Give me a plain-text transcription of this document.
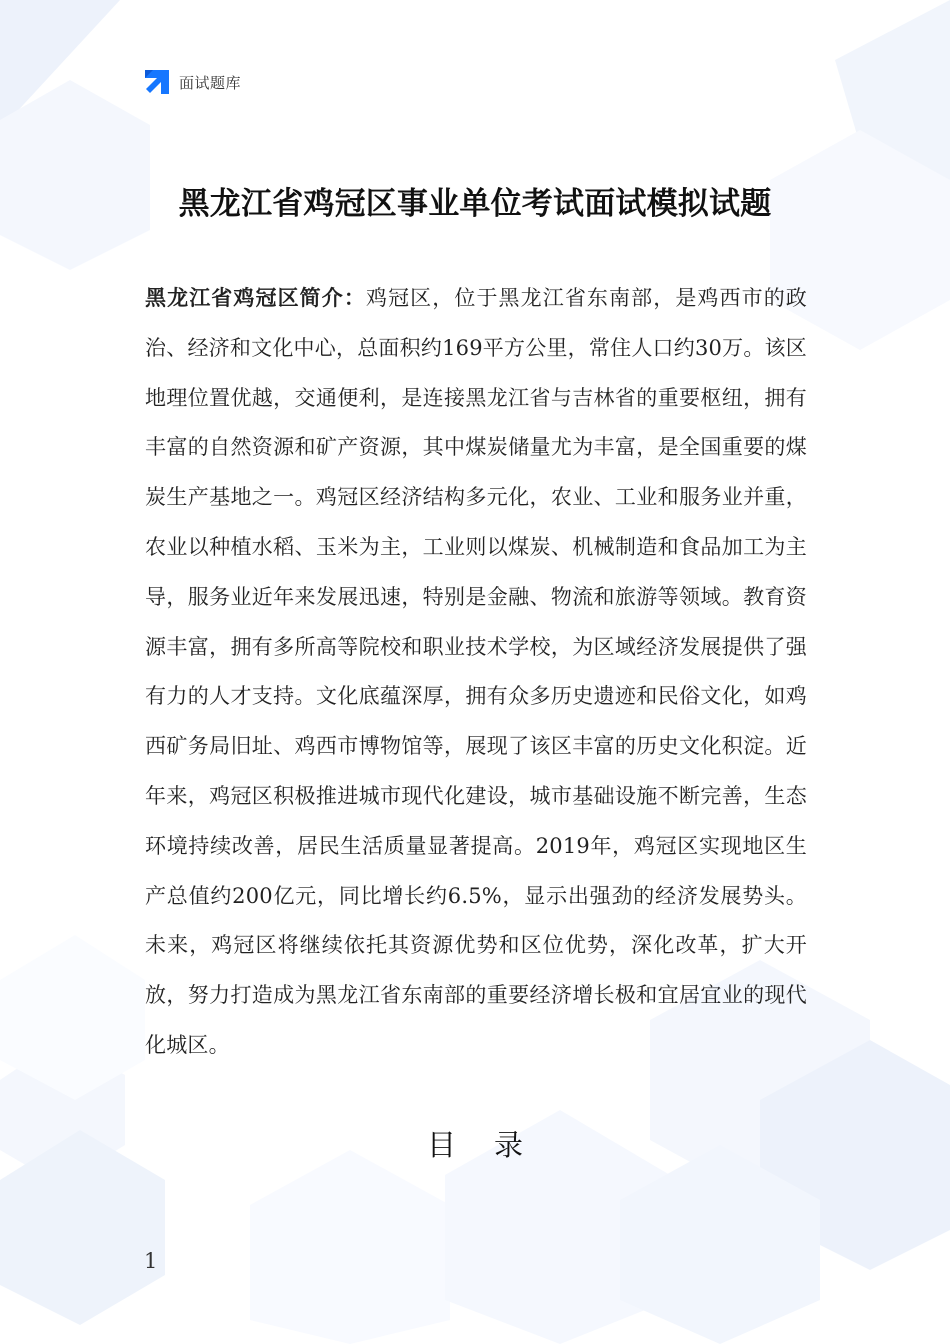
面试题库
黑龙江省鸡冠区事业单位考试面试模拟试题
黑龙江省鸡冠区简介：鸡冠区，位于黑龙江省东南部，是鸡西市的政治、经济和文化中心，总面积约169平方公里，常住人口约30万。该区地理位置优越，交通便利，是连接黑龙江省与吉林省的重要枢纽，拥有丰富的自然资源和矿产资源，其中煤炭储量尤为丰富，是全国重要的煤炭生产基地之一。鸡冠区经济结构多元化，农业、工业和服务业并重，农业以种植水稻、玉米为主，工业则以煤炭、机械制造和食品加工为主导，服务业近年来发展迅速，特别是金融、物流和旅游等领域。教育资源丰富，拥有多所高等院校和职业技术学校，为区域经济发展提供了强有力的人才支持。文化底蕴深厚，拥有众多历史遗迹和民俗文化，如鸡西矿务局旧址、鸡西市博物馆等，展现了该区丰富的历史文化积淀。近年来，鸡冠区积极推进城市现代化建设，城市基础设施不断完善，生态环境持续改善，居民生活质量显著提高。2019年，鸡冠区实现地区生产总值约200亿元，同比增长约6.5%，显示出强劲的经济发展势头。未来，鸡冠区将继续依托其资源优势和区位优势，深化改革，扩大开放，努力打造成为黑龙江省东南部的重要经济增长极和宜居宜业的现代化城区。
目录
1
